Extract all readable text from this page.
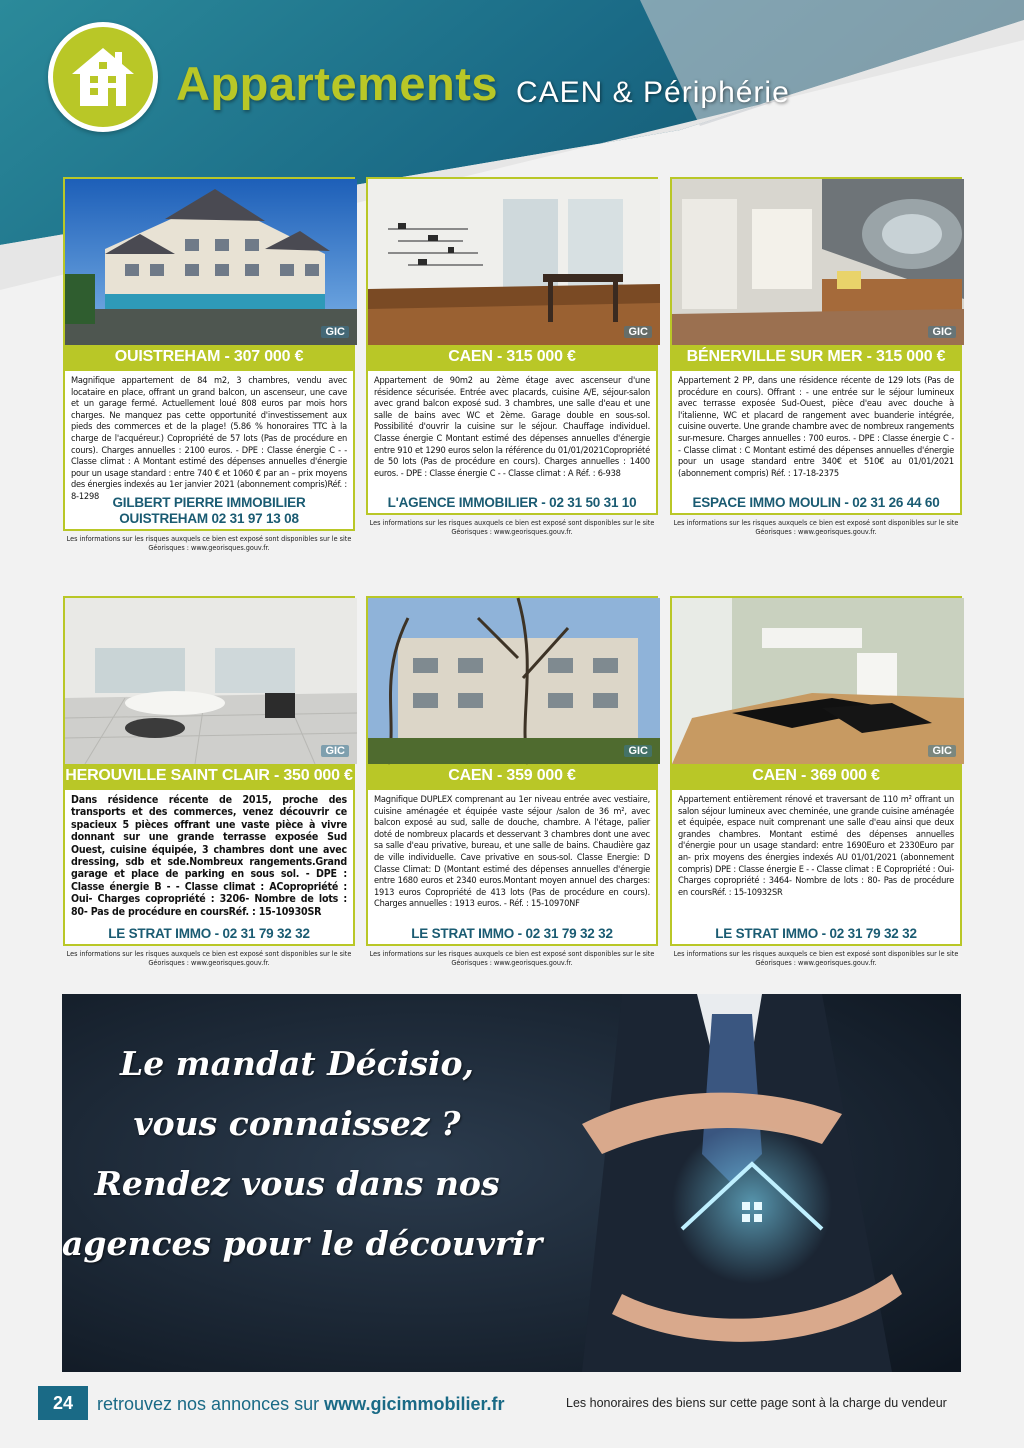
Appartements CAEN & Périphérie
GIC
OUISTREHAM - 307 000 €
Magnifique appartement de 84 m2, 3 chambres, vendu avec locataire en place, offrant un grand balcon, un ascenseur, une cave et un garage fermé. Actuellement loué 808 euros par mois hors charges. Ne manquez pas cette opportunité d'investissement aux pieds des commerces et de la plage! (5.86 % honoraires TTC à la charge de l'acquéreur.) Copropriété de 57 lots (Pas de procédure en cours). Charges annuelles : 2100 euros. - DPE : Classe énergie C - - Classe climat : A Montant estimé des dépenses annuelles d'énergie pour un usage standard : entre 740 € et 1060 € par an – prix moyens des énergies indexés au 1er janvier 2021 (abonnement compris)Réf. : 8-1298 GILBERT PIERRE IMMOBILIER OUISTREHAM 02 31 97 13 08
Les informations sur les risques auxquels ce bien est exposé sont disponibles sur le site Géorisques : www.georisques.gouv.fr.
GIC
CAEN - 315 000 €
Appartement de 90m2 au 2ème étage avec ascenseur d'une résidence sécurisée. Entrée avec placards, cuisine A/E, séjour-salon avec grand balcon exposé sud. 3 chambres, une salle d'eau et une salle de bains avec WC et 2ème. Garage double en sous-sol. Possibilité d'ouvrir la cuisine sur le séjour. Chauffage individuel. Classe énergie C Montant estimé des dépenses annuelles d'énergie entre 910 et 1290 euros selon la référence du 01/01/2021Copropriété de 50 lots (Pas de procédure en cours). Charges annuelles : 1400 euros. - DPE : Classe énergie C - - Classe climat : A Réf. : 6-938
L'AGENCE IMMOBILIER - 02 31 50 31 10
Les informations sur les risques auxquels ce bien est exposé sont disponibles sur le site Géorisques : www.georisques.gouv.fr.
GIC
BÉNERVILLE SUR MER - 315 000 €
Appartement 2 PP, dans une résidence récente de 129 lots (Pas de procédure en cours). Offrant : - une entrée sur le séjour lumineux avec terrasse exposée Sud-Ouest, pièce d'eau avec douche à l'italienne, WC et placard de rangement avec buanderie intégrée, cuisine ouverte. Une grande chambre avec de nombreux rangements sur-mesure. Charges annuelles : 700 euros. - DPE : Classe énergie C - - Classe climat : C Montant estimé des dépenses annuelles d'énergie pour un usage standard entre 340€ et 510€ au 01/01/2021 (abonnement compris) Réf. : 17-18-2375
ESPACE IMMO MOULIN - 02 31 26 44 60
Les informations sur les risques auxquels ce bien est exposé sont disponibles sur le site Géorisques : www.georisques.gouv.fr.
GIC
HEROUVILLE SAINT CLAIR - 350 000 €
Dans résidence récente de 2015, proche des transports et des commerces, venez découvrir ce spacieux 5 pièces offrant une vaste pièce à vivre donnant sur une grande terrasse exposée Sud Ouest, cuisine équipée, 3 chambres dont une avec dressing, sdb et sde.Nombreux rangements.Grand garage et place de parking en sous sol. - DPE : Classe énergie B - - Classe climat : ACopropriété : Oui- Charges copropriété : 3206- Nombre de lots : 80- Pas de procédure en coursRéf. : 15-10930SR
LE STRAT IMMO - 02 31 79 32 32
Les informations sur les risques auxquels ce bien est exposé sont disponibles sur le site Géorisques : www.georisques.gouv.fr.
GIC
CAEN - 359 000 €
Magnifique DUPLEX comprenant au 1er niveau entrée avec vestiaire, cuisine aménagée et équipée vaste séjour /salon de 36 m², avec balcon exposé au sud, salle de douche, chambre. A l'étage, palier doté de nombreux placards et desservant 3 chambres dont une avec sa salle d'eau privative, bureau, et une salle de bains. Chaudière gaz de ville individuelle. Cave privative en sous-sol. Classe Energie: D Classe Climat: D (Montant estimé des dépenses annuelles d'énergie entre 1680 euros et 2340 euros.Montant moyen annuel des charges: 1913 euros Copropriété de 413 lots (Pas de procédure en cours). Charges annuelles : 1913 euros. - Réf. : 15-10970NF
LE STRAT IMMO - 02 31 79 32 32
Les informations sur les risques auxquels ce bien est exposé sont disponibles sur le site Géorisques : www.georisques.gouv.fr.
GIC
CAEN - 369 000 €
Appartement entièrement rénové et traversant de 110 m² offrant un salon séjour lumineux avec cheminée, une grande cuisine aménagée et équipée, espace nuit comprenant une salle d'eau ainsi que deux grandes chambres. Montant estimé des dépenses annuelles d'énergie pour un usage standard: entre 1690Euro et 2330Euro par an- prix moyens des énergies indexés AU 01/01/2021 (abonnement compris) DPE : Classe énergie E - - Classe climat : E Copropriété : Oui- Charges copropriété : 3464- Nombre de lots : 80- Pas de procédure en coursRéf. : 15-10932SR
LE STRAT IMMO - 02 31 79 32 32
Les informations sur les risques auxquels ce bien est exposé sont disponibles sur le site Géorisques : www.georisques.gouv.fr.
Le mandat Décisio,
vous connaissez ?
Rendez vous dans nos
agences pour le découvrir
24	retrouvez nos annonces sur www.gicimmobilier.fr	Les honoraires des biens sur cette page sont à la charge du vendeur
